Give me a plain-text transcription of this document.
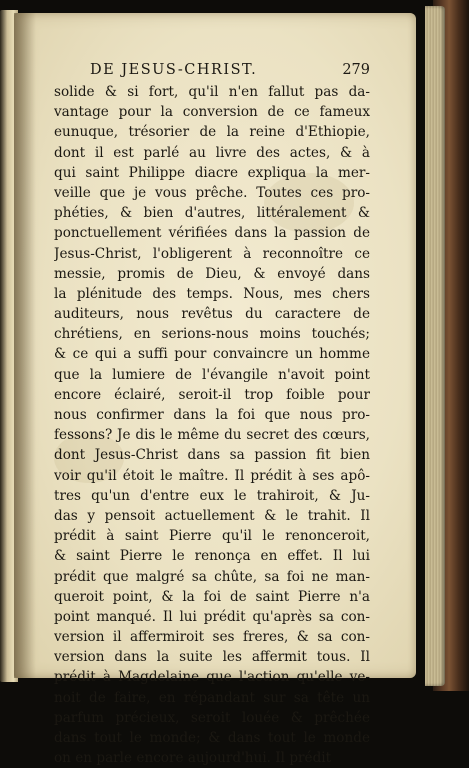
DE JESUS-CHRIST.	279
solide & si fort, qu'il n'en fallut pas da-
vantage pour la conversion de ce fameux
eunuque, trésorier de la reine d'Ethiopie,
dont il est parlé au livre des actes, & à
qui saint Philippe diacre expliqua la mer-
veille que je vous prêche. Toutes ces pro-
phéties, & bien d'autres, littéralement &
ponctuellement vérifiées dans la passion de
Jesus-Christ, l'obligerent à reconnoître ce
messie, promis de Dieu, & envoyé dans
la plénitude des temps. Nous, mes chers
auditeurs, nous revêtus du caractere de
chrétiens, en serions-nous moins touchés;
& ce qui a suffi pour convaincre un homme
que la lumiere de l'évangile n'avoit point
encore éclairé, seroit-il trop foible pour
nous confirmer dans la foi que nous pro-
fessons? Je dis le même du secret des cœurs,
dont Jesus-Christ dans sa passion fit bien
voir qu'il étoit le maître. Il prédit à ses apô-
tres qu'un d'entre eux le trahiroit, & Ju-
das y pensoit actuellement & le trahit. Il
prédit à saint Pierre qu'il le renonceroit,
& saint Pierre le renonça en effet. Il lui
prédit que malgré sa chûte, sa foi ne man-
queroit point, & la foi de saint Pierre n'a
point manqué. Il lui prédit qu'après sa con-
version il affermiroit ses freres, & sa con-
version dans la suite les affermit tous. Il
prédit à Magdelaine que l'action qu'elle ve-
noit de faire, en répandant sur sa tête un
parfum précieux, seroit louée & prêchée
dans tout le monde; & dans tout le monde
on en parle encore aujourd'hui. Il prédit
